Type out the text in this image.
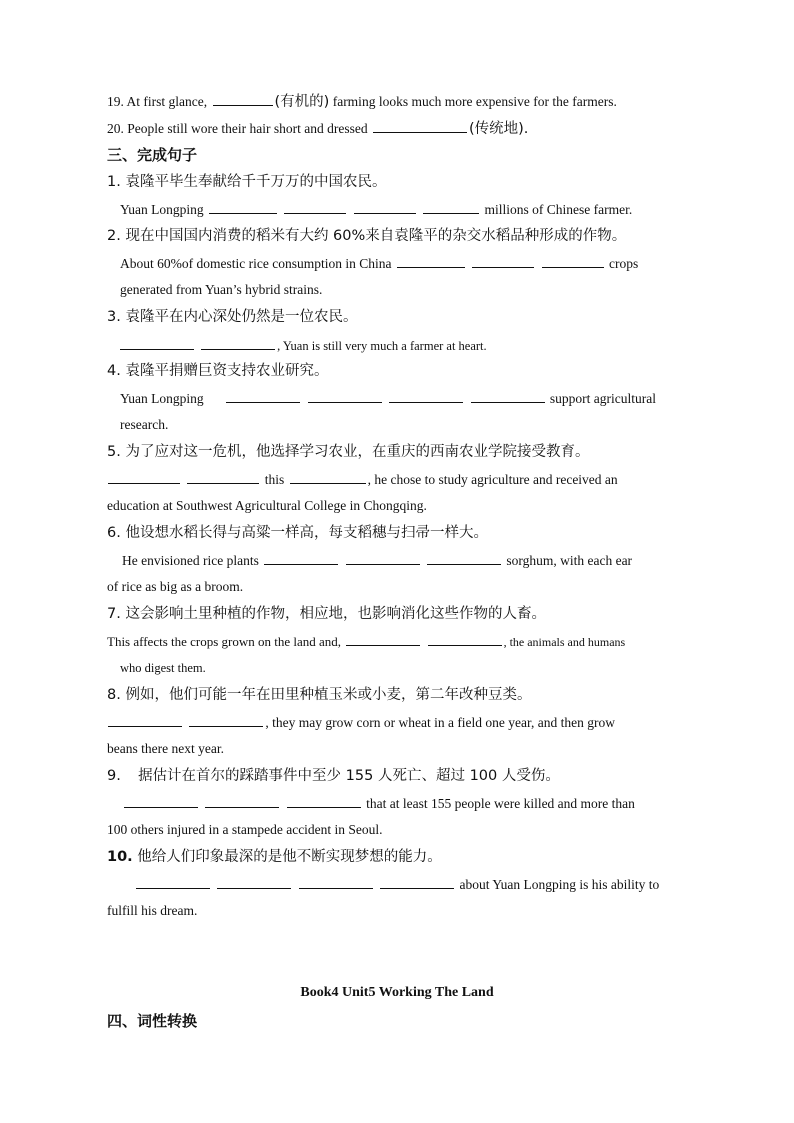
19. At first glance,	(有机的) farming looks much more expensive for the farmers.
20. People still wore their hair short and dressed	(传统地).
三、完成句子
1. 袁隆平毕生奉献给千千万万的中国农民。
Yuan Longping	millions of Chinese farmer.
2. 现在中国国内消费的稻米有大约 60%来自袁隆平的杂交水稻品种形成的作物。
About 60%of domestic rice consumption in China	crops
generated from Yuan’s hybrid strains.
3. 袁隆平在内心深处仍然是一位农民。
, Yuan is still very much a farmer at heart.
4. 袁隆平捐赠巨资支持农业研究。
Yuan Longping	support agricultural
research.
5. 为了应对这一危机，他选择学习农业，在重庆的西南农业学院接受教育。
this	, he chose to study agriculture and received an
education at Southwest Agricultural College in Chongqing.
6. 他设想水稻长得与高粱一样高，每支稻穗与扫帚一样大。
He envisioned rice plants	sorghum, with each ear
of rice as big as a broom.
7. 这会影响土里种植的作物，相应地，也影响消化这些作物的人畜。
This affects the crops grown on the land and,	, the animals and humans
who digest them.
8. 例如，他们可能一年在田里种植玉米或小麦，第二年改种豆类。
, they may grow corn or wheat in a field one year, and then grow
beans there next year.
9. 据估计在首尔的踩踏事件中至少 155 人死亡、超过 100 人受伤。
that at least 155 people were killed and more than
100 others injured in a stampede accident in Seoul.
10. 他给人们印象最深的是他不断实现梦想的能力。
about Yuan Longping is his ability to
fulfill his dream.
Book4 Unit5 Working The Land
四、词性转换
